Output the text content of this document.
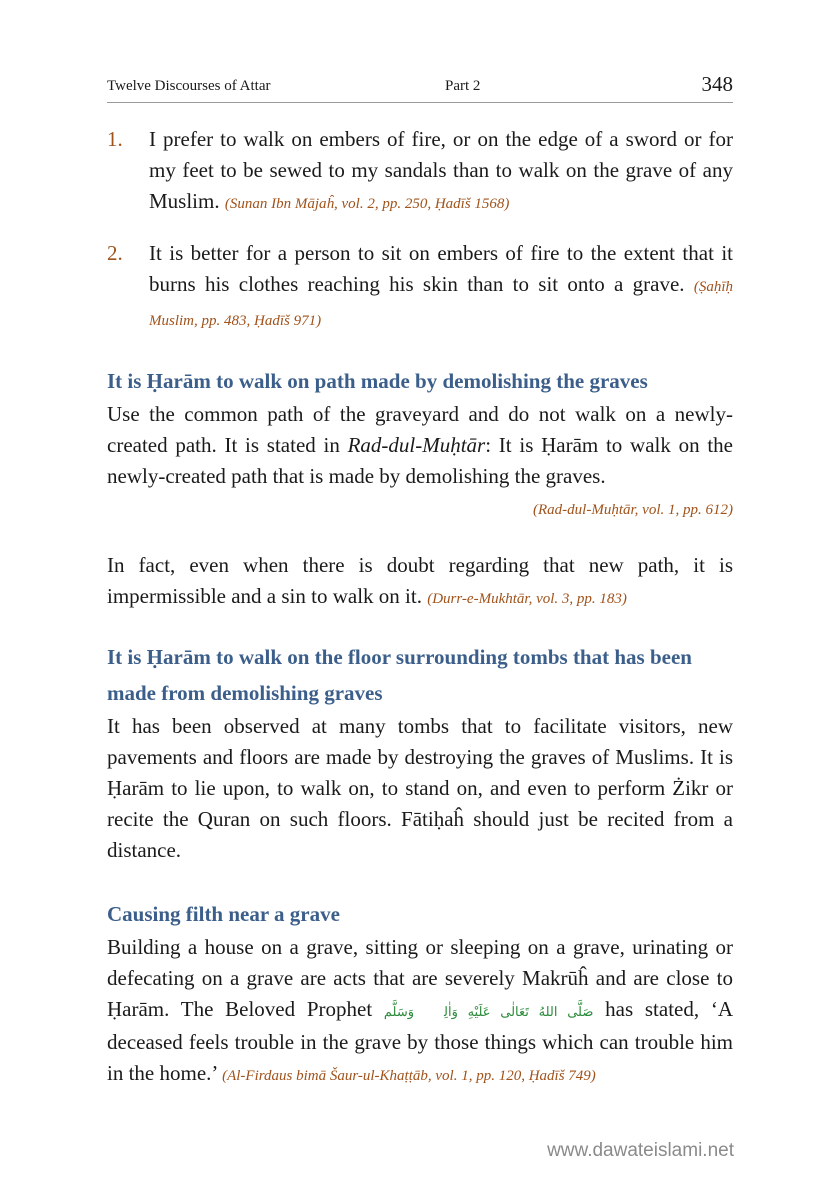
Twelve Discourses of Attar	Part 2	348
1. I prefer to walk on embers of fire, or on the edge of a sword or for my feet to be sewed to my sandals than to walk on the grave of any Muslim. (Sunan Ibn Mājaĥ, vol. 2, pp. 250, Ḥadīš 1568)

2. It is better for a person to sit on embers of fire to the extent that it burns his clothes reaching his skin than to sit onto a grave. (Ṣaḥīḥ Muslim, pp. 483, Ḥadīš 971)

It is Ḥarām to walk on path made by demolishing the graves

Use the common path of the graveyard and do not walk on a newly-created path. It is stated in Rad-dul-Muḥtār: It is Ḥarām to walk on the newly-created path that is made by demolishing the graves.

(Rad-dul-Muḥtār, vol. 1, pp. 612)

In fact, even when there is doubt regarding that new path, it is impermissible and a sin to walk on it. (Durr-e-Mukhtār, vol. 3, pp. 183)

It is Ḥarām to walk on the floor surrounding tombs that has been made from demolishing graves

It has been observed at many tombs that to facilitate visitors, new pavements and floors are made by destroying the graves of Muslims. It is Ḥarām to lie upon, to walk on, to stand on, and even to perform Żikr or recite the Quran on such floors. Fātiḥaĥ should just be recited from a distance.

Causing filth near a grave

Building a house on a grave, sitting or sleeping on a grave, urinating or defecating on a grave are acts that are severely Makrūĥ and are close to Ḥarām. The Beloved Prophet صَلَّى اللهُ تَعَالٰى عَلَيْهِ وَاٰلِهٖ وَسَلَّم has stated, ‘A deceased feels trouble in the grave by those things which can trouble him in the home.’ (Al-Firdaus bimā Šaur-ul-Khaṭṭāb, vol. 1, pp. 120, Ḥadīš 749)

www.dawateislami.net
